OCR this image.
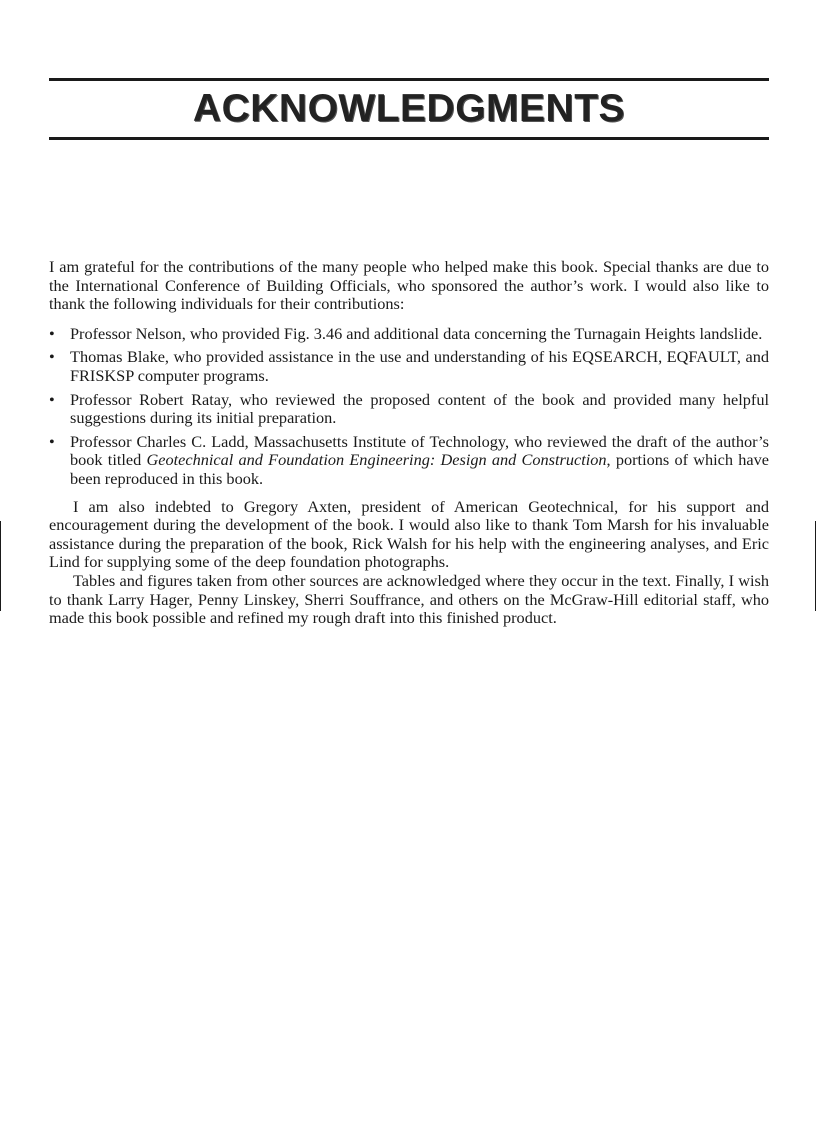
ACKNOWLEDGMENTS

I am grateful for the contributions of the many people who helped make this book. Special thanks are due to the International Conference of Building Officials, who sponsored the author’s work. I would also like to thank the following individuals for their contributions:

• Professor Nelson, who provided Fig. 3.46 and additional data concerning the Turnagain Heights landslide.
• Thomas Blake, who provided assistance in the use and understanding of his EQSEARCH, EQFAULT, and FRISKSP computer programs.
• Professor Robert Ratay, who reviewed the proposed content of the book and provided many helpful suggestions during its initial preparation.
• Professor Charles C. Ladd, Massachusetts Institute of Technology, who reviewed the draft of the author’s book titled Geotechnical and Foundation Engineering: Design and Construction, portions of which have been reproduced in this book.

I am also indebted to Gregory Axten, president of American Geotechnical, for his support and encouragement during the development of the book. I would also like to thank Tom Marsh for his invaluable assistance during the preparation of the book, Rick Walsh for his help with the engineering analyses, and Eric Lind for supplying some of the deep foundation photographs.

Tables and figures taken from other sources are acknowledged where they occur in the text. Finally, I wish to thank Larry Hager, Penny Linskey, Sherri Souffrance, and others on the McGraw-Hill editorial staff, who made this book possible and refined my rough draft into this finished product.
